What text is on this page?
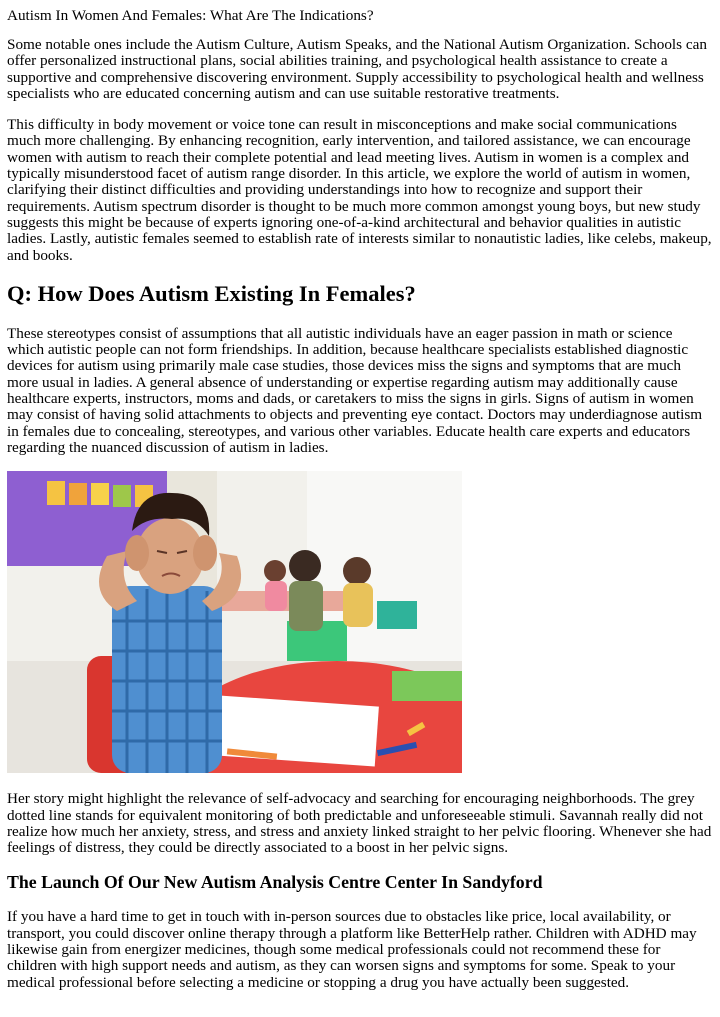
Autism In Women And Females: What Are The Indications?

Some notable ones include the Autism Culture, Autism Speaks, and the National Autism Organization. Schools can offer personalized instructional plans, social abilities training, and psychological health assistance to create a supportive and comprehensive discovering environment. Supply accessibility to psychological health and wellness specialists who are educated concerning autism and can use suitable restorative treatments.

This difficulty in body movement or voice tone can result in misconceptions and make social communications much more challenging. By enhancing recognition, early intervention, and tailored assistance, we can encourage women with autism to reach their complete potential and lead meeting lives. Autism in women is a complex and typically misunderstood facet of autism range disorder. In this article, we explore the world of autism in women, clarifying their distinct difficulties and providing understandings into how to recognize and support their requirements. Autism spectrum disorder is thought to be much more common amongst young boys, but new study suggests this might be because of experts ignoring one-of-a-kind architectural and behavior qualities in autistic ladies. Lastly, autistic females seemed to establish rate of interests similar to nonautistic ladies, like celebs, makeup, and books.

Q: How Does Autism Existing In Females?

These stereotypes consist of assumptions that all autistic individuals have an eager passion in math or science which autistic people can not form friendships. In addition, because healthcare specialists established diagnostic devices for autism using primarily male case studies, those devices miss the signs and symptoms that are much more usual in ladies. A general absence of understanding or expertise regarding autism may additionally cause healthcare experts, instructors, moms and dads, or caretakers to miss the signs in girls. Signs of autism in women may consist of having solid attachments to objects and preventing eye contact. Doctors may underdiagnose autism in females due to concealing, stereotypes, and various other variables. Educate health care experts and educators regarding the nuanced discussion of autism in ladies.

Her story might highlight the relevance of self-advocacy and searching for encouraging neighborhoods. The grey dotted line stands for equivalent monitoring of both predictable and unforeseeable stimuli. Savannah really did not realize how much her anxiety, stress, and stress and anxiety linked straight to her pelvic flooring. Whenever she had feelings of distress, they could be directly associated to a boost in her pelvic signs.

The Launch Of Our New Autism Analysis Centre Center In Sandyford

If you have a hard time to get in touch with in-person sources due to obstacles like price, local availability, or transport, you could discover online therapy through a platform like BetterHelp rather. Children with ADHD may likewise gain from energizer medicines, though some medical professionals could not recommend these for children with high support needs and autism, as they can worsen signs and symptoms for some. Speak to your medical professional before selecting a medicine or stopping a drug you have actually been suggested.
